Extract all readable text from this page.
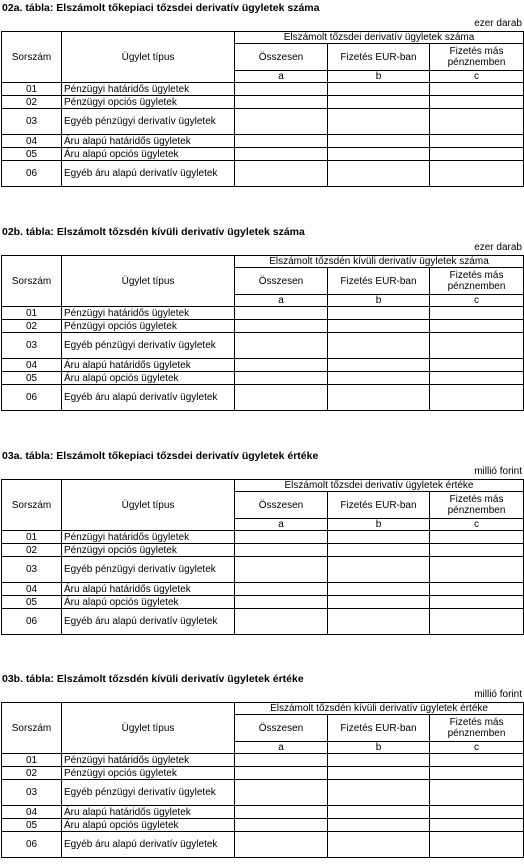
02a. tábla: Elszámolt tőkepiaci tőzsdei derivatív ügyletek száma
ezer darab
Sorszám	Ügylet típus	Elszámolt tőzsdei derivatív ügyletek száma		
		Összesen	Fizetés EUR-ban	Fizetés más pénznemben
		a	b	c
01	Pénzügyi határidős ügyletek			
02	Pénzügyi opciós ügyletek			
03	Egyéb pénzügyi derivatív ügyletek			
04	Áru alapú határidős ügyletek			
05	Áru alapú opciós ügyletek			
06	Egyéb áru alapú derivatív ügyletek			
02b. tábla: Elszámolt tőzsdén kívüli derivatív ügyletek száma
ezer darab
Sorszám	Ügylet típus	Elszámolt tőzsdén kívüli derivatív ügyletek száma		
		Összesen	Fizetés EUR-ban	Fizetés más pénznemben
		a	b	c
01	Pénzügyi határidős ügyletek			
02	Pénzügyi opciós ügyletek			
03	Egyéb pénzügyi derivatív ügyletek			
04	Áru alapú határidős ügyletek			
05	Áru alapú opciós ügyletek			
06	Egyéb áru alapú derivatív ügyletek			
03a. tábla: Elszámolt tőkepiaci tőzsdei derivatív ügyletek értéke
millió forint
Sorszám	Ügylet típus	Elszámolt tőzsdei derivatív ügyletek értéke		
		Összesen	Fizetés EUR-ban	Fizetés más pénznemben
		a	b	c
01	Pénzügyi határidős ügyletek			
02	Pénzügyi opciós ügyletek			
03	Egyéb pénzügyi derivatív ügyletek			
04	Áru alapú határidős ügyletek			
05	Áru alapú opciós ügyletek			
06	Egyéb áru alapú derivatív ügyletek			
03b. tábla: Elszámolt tőzsdén kívüli derivatív ügyletek értéke
millió forint
Sorszám	Ügylet típus	Elszámolt tőzsdén kívüli derivatív ügyletek értéke		
		Összesen	Fizetés EUR-ban	Fizetés más pénznemben
		a	b	c
01	Pénzügyi határidős ügyletek			
02	Pénzügyi opciós ügyletek			
03	Egyéb pénzügyi derivatív ügyletek			
04	Áru alapú határidős ügyletek			
05	Áru alapú opciós ügyletek			
06	Egyéb áru alapú derivatív ügyletek			
